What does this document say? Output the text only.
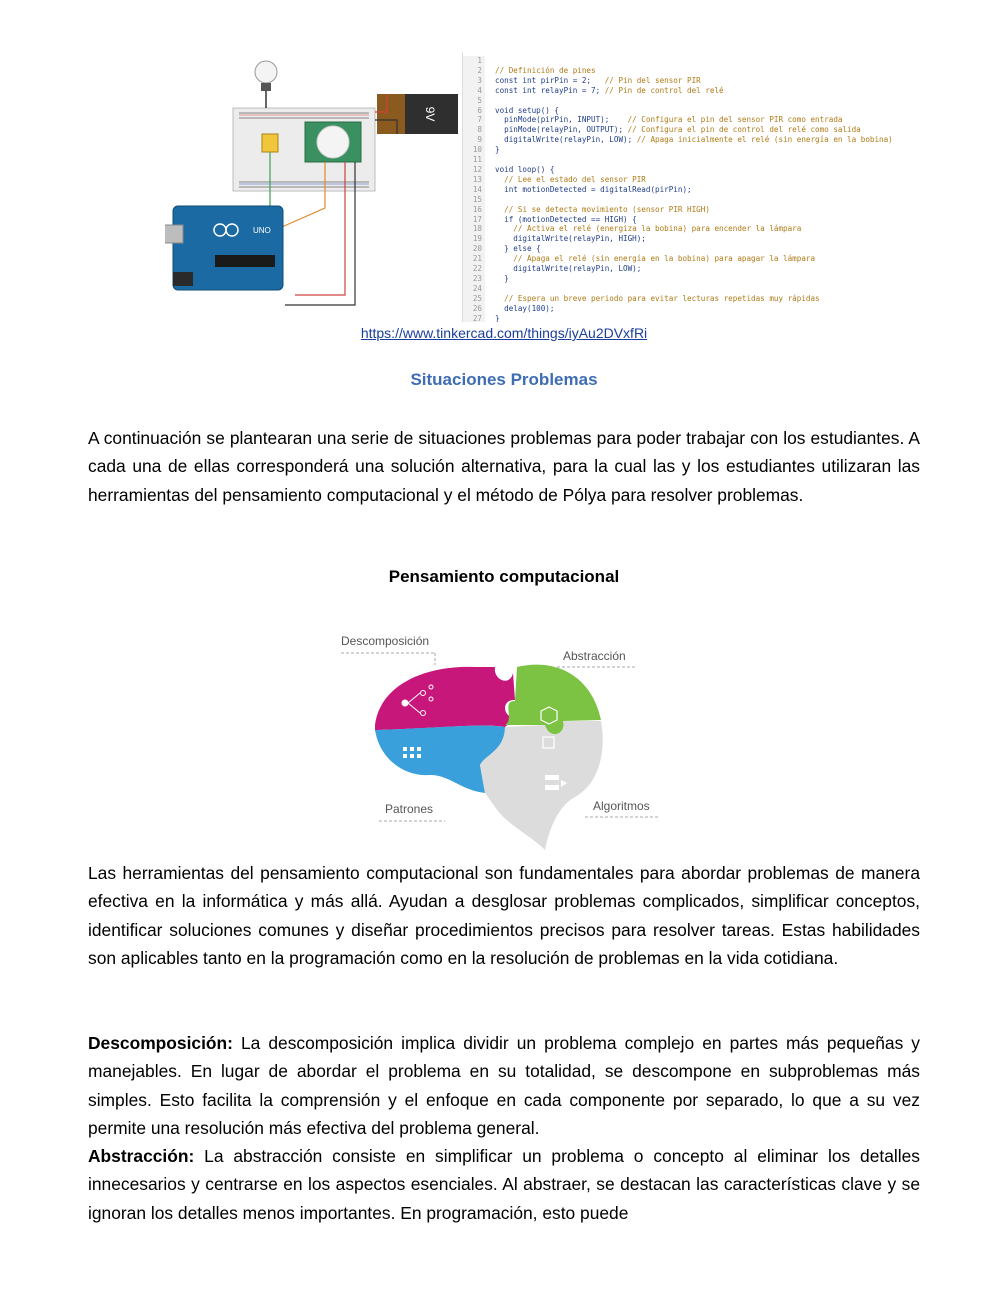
9V
UNO
1
2
3
4
5
6
7
8
9
10
11
12
13
14
15
16
17
18
19
20
21
22
23
24
25
26
27

// Definición de pines
const int pirPin = 2;   // Pin del sensor PIR
const int relayPin = 7; // Pin de control del relé

void setup() {
pinMode(pirPin, INPUT);    // Configura el pin del sensor PIR como entrada
pinMode(relayPin, OUTPUT); // Configura el pin de control del relé como salida
digitalWrite(relayPin, LOW); // Apaga inicialmente el relé (sin energía en la bobina)
}

void loop() {
// Lee el estado del sensor PIR
int motionDetected = digitalRead(pirPin);

// Si se detecta movimiento (sensor PIR HIGH)
if (motionDetected == HIGH) {
// Activa el relé (energiza la bobina) para encender la lámpara
digitalWrite(relayPin, HIGH);
} else {
// Apaga el relé (sin energía en la bobina) para apagar la lámpara
digitalWrite(relayPin, LOW);
}

// Espera un breve periodo para evitar lecturas repetidas muy rápidas
delay(100);
}
https://www.tinkercad.com/things/iyAu2DVxfRi
Situaciones Problemas
A continuación se plantearan una serie de situaciones problemas para poder trabajar con los estudiantes. A cada una de ellas corresponderá una solución alternativa, para la cual las y los estudiantes utilizaran las herramientas del pensamiento computacional y el método de Pólya para resolver problemas.
Pensamiento computacional
Descomposición
Abstracción
Patrones	Algoritmos
Las herramientas del pensamiento computacional son fundamentales para abordar problemas de manera efectiva en la informática y más allá. Ayudan a desglosar problemas complicados, simplificar conceptos, identificar soluciones comunes y diseñar procedimientos precisos para resolver tareas. Estas habilidades son aplicables tanto en la programación como en la resolución de problemas en la vida cotidiana.
Descomposición: La descomposición implica dividir un problema complejo en partes más pequeñas y manejables. En lugar de abordar el problema en su totalidad, se descompone en subproblemas más simples. Esto facilita la comprensión y el enfoque en cada componente por separado, lo que a su vez permite una resolución más efectiva del problema general.
Abstracción: La abstracción consiste en simplificar un problema o concepto al eliminar los detalles innecesarios y centrarse en los aspectos esenciales. Al abstraer, se destacan las características clave y se ignoran los detalles menos importantes. En programación, esto puede
